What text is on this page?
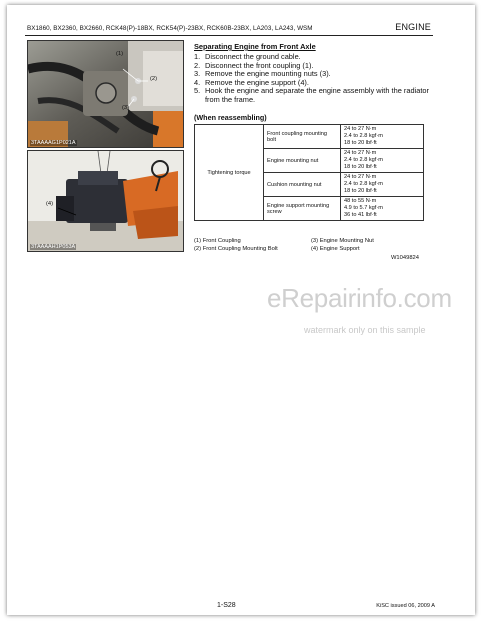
BX1860, BX2360, BX2660, RCK48(P)-18BX, RCK54(P)-23BX, RCK60B-23BX, LA203, LA243, WSM	ENGINE
(1)
(2)
(3)
3TAAAAG1P021A
(4)
3TAAAAH1P053A
Separating Engine from Front Axle
1. Disconnect the ground cable.
2. Disconnect the front coupling (1).
3. Remove the engine mounting nuts (3).
4. Remove the engine support (4).
5. Hook the engine and separate the engine assembly with the radiator from the frame.
(When reassembling)
Tightening torque	Front coupling mounting bolt	24 to 27 N·m
2.4 to 2.8 kgf·m
18 to 20 lbf·ft

	Engine mounting nut	24 to 27 N·m
2.4 to 2.8 kgf·m
18 to 20 lbf·ft

	Cushion mounting nut	24 to 27 N·m
2.4 to 2.8 kgf·m
18 to 20 lbf·ft

	Engine support mounting screw	48 to 55 N·m
4.9 to 5.7 kgf·m
36 to 41 lbf·ft
(1) Front Coupling	(3) Engine Mounting Nut
(2) Front Coupling Mounting Bolt	(4) Engine Support
W1049824
eRepairinfo.com
watermark only on this sample
1-S28	KiSC issued 06, 2009 A
